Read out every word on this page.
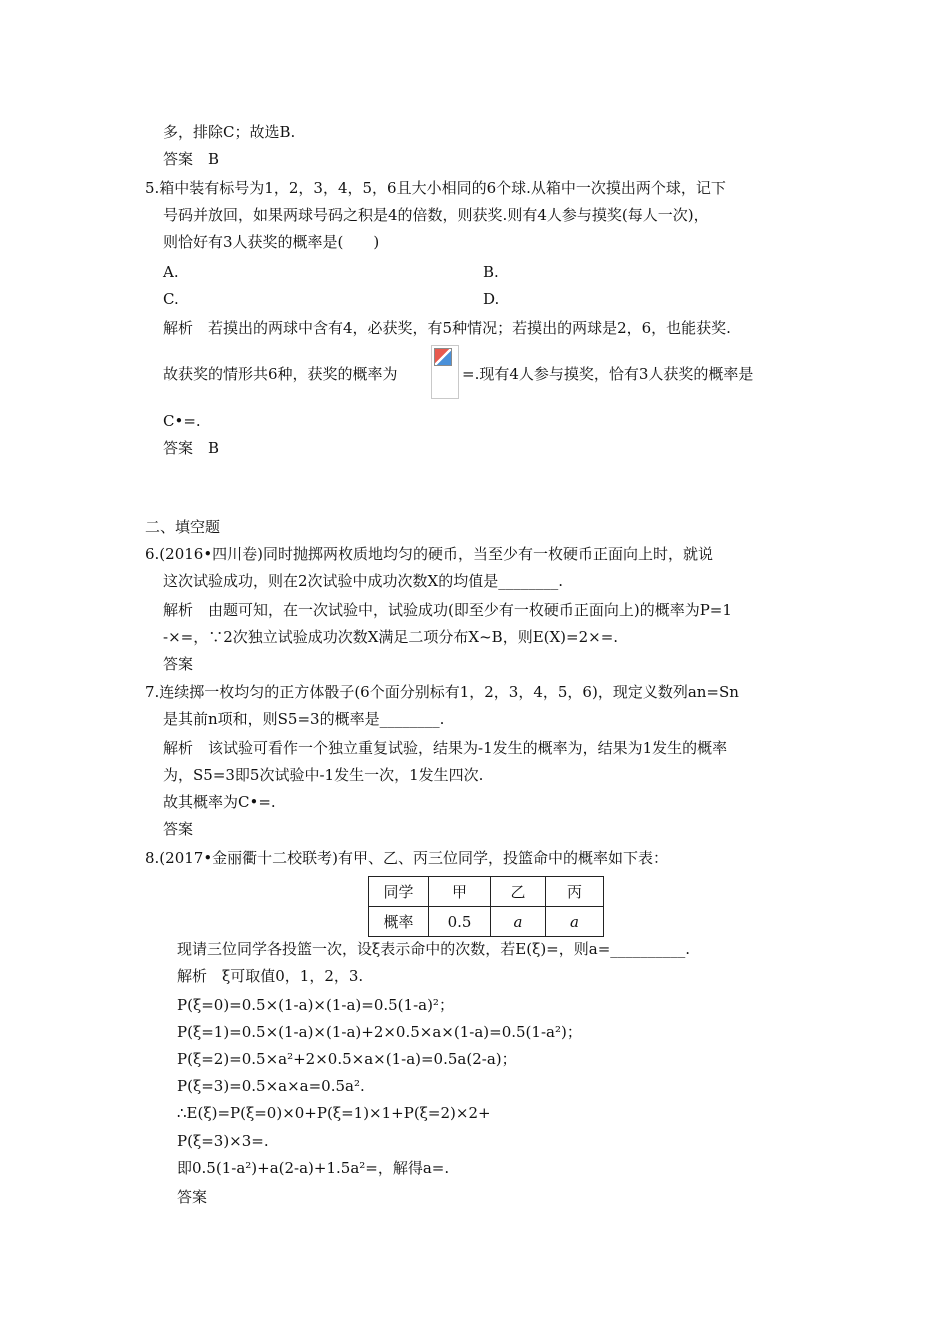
多，排除C；故选B.
答案　B
5.箱中装有标号为1，2，3，4，5，6且大小相同的6个球.从箱中一次摸出两个球，记下
号码并放回，如果两球号码之积是4的倍数，则获奖.则有4人参与摸奖(每人一次)，
则恰好有3人获奖的概率是(　　)
A.	B.
C.	D.
解析　若摸出的两球中含有4，必获奖，有5种情况；若摸出的两球是2，6，也能获奖.
故获奖的情形共6种，获奖的概率为	=.现有4人参与摸奖，恰有3人获奖的概率是
C•=.
答案　B
二、填空题
6.(2016•四川卷)同时抛掷两枚质地均匀的硬币，当至少有一枚硬币正面向上时，就说
这次试验成功，则在2次试验中成功次数X的均值是________.
解析　由题可知，在一次试验中，试验成功(即至少有一枚硬币正面向上)的概率为P=1
-×=，∵2次独立试验成功次数X满足二项分布X~B，则E(X)=2×=.
答案
7.连续掷一枚均匀的正方体骰子(6个面分别标有1，2，3，4，5，6)，现定义数列an=Sn
是其前n项和，则S5=3的概率是________.
解析　该试验可看作一个独立重复试验，结果为-1发生的概率为，结果为1发生的概率
为，S5=3即5次试验中-1发生一次，1发生四次.
故其概率为C•=.
答案
8.(2017•金丽衢十二校联考)有甲、乙、丙三位同学，投篮命中的概率如下表：
同学	甲	乙	丙
概率	0.5	a	a
现请三位同学各投篮一次，设ξ表示命中的次数，若E(ξ)=，则a=__________.
解析　ξ可取值0，1，2，3.
P(ξ=0)=0.5×(1-a)×(1-a)=0.5(1-a)²；
P(ξ=1)=0.5×(1-a)×(1-a)+2×0.5×a×(1-a)=0.5(1-a²)；
P(ξ=2)=0.5×a²+2×0.5×a×(1-a)=0.5a(2-a)；
P(ξ=3)=0.5×a×a=0.5a².
∴E(ξ)=P(ξ=0)×0+P(ξ=1)×1+P(ξ=2)×2+
P(ξ=3)×3=.
即0.5(1-a²)+a(2-a)+1.5a²=，解得a=.
答案
